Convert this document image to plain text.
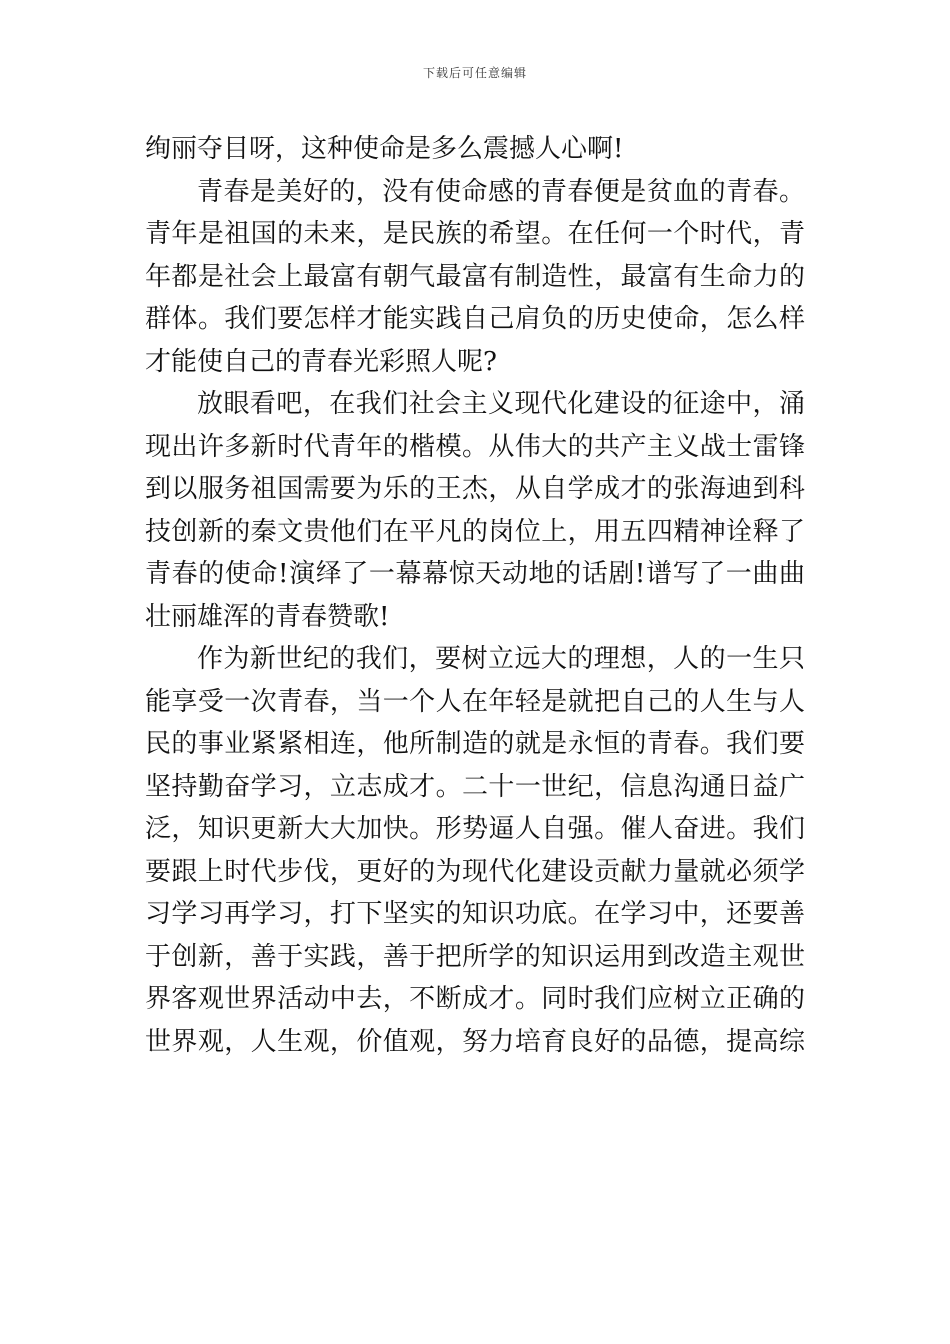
下载后可任意编辑
绚丽夺目呀，这种使命是多么震撼人心啊!
青春是美好的，没有使命感的青春便是贫血的青春。
青年是祖国的未来，是民族的希望。在任何一个时代，青
年都是社会上最富有朝气最富有制造性，最富有生命力的
群体。我们要怎样才能实践自己肩负的历史使命，怎么样
才能使自己的青春光彩照人呢?
放眼看吧，在我们社会主义现代化建设的征途中，涌
现出许多新时代青年的楷模。从伟大的共产主义战士雷锋
到以服务祖国需要为乐的王杰，从自学成才的张海迪到科
技创新的秦文贵他们在平凡的岗位上，用五四精神诠释了
青春的使命!演绎了一幕幕惊天动地的话剧!谱写了一曲曲
壮丽雄浑的青春赞歌!
作为新世纪的我们，要树立远大的理想，人的一生只
能享受一次青春，当一个人在年轻是就把自己的人生与人
民的事业紧紧相连，他所制造的就是永恒的青春。我们要
坚持勤奋学习，立志成才。二十一世纪，信息沟通日益广
泛，知识更新大大加快。形势逼人自强。催人奋进。我们
要跟上时代步伐，更好的为现代化建设贡献力量就必须学
习学习再学习，打下坚实的知识功底。在学习中，还要善
于创新，善于实践，善于把所学的知识运用到改造主观世
界客观世界活动中去，不断成才。同时我们应树立正确的
世界观，人生观，价值观，努力培育良好的品德，提高综
